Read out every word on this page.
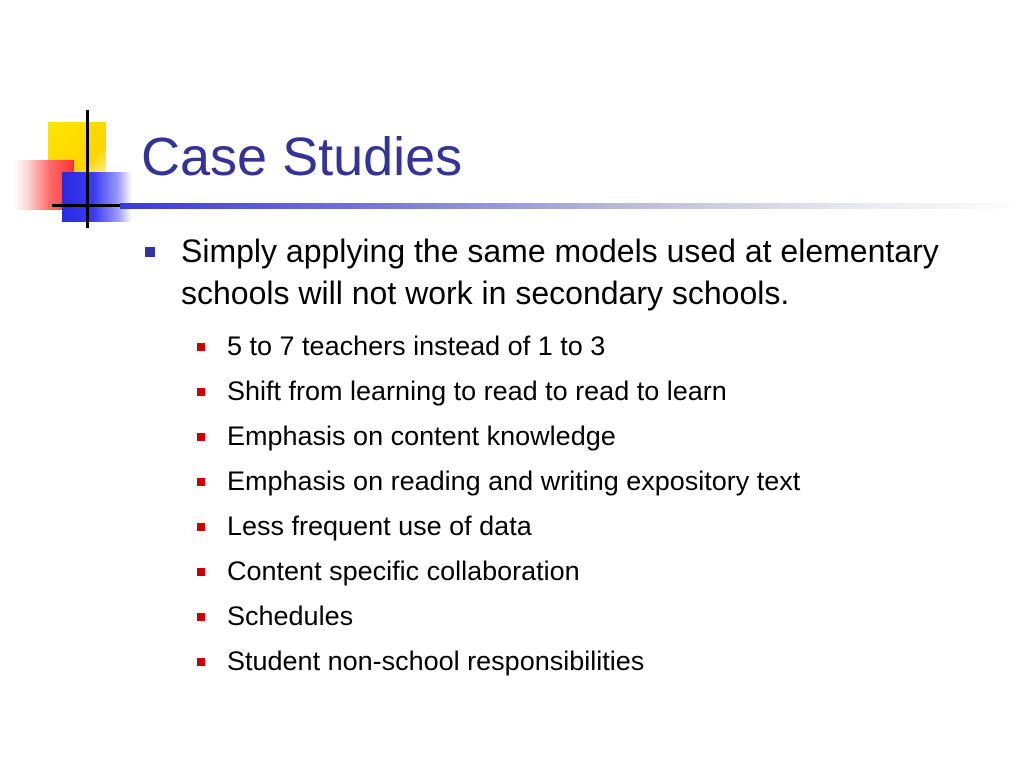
Case Studies
Simply applying the same models used at elementary schools will not work in secondary schools.
5 to 7 teachers instead of 1 to 3
Shift from learning to read to read to learn
Emphasis on content knowledge
Emphasis on reading and writing expository text
Less frequent use of data
Content specific collaboration
Schedules
Student non-school responsibilities
